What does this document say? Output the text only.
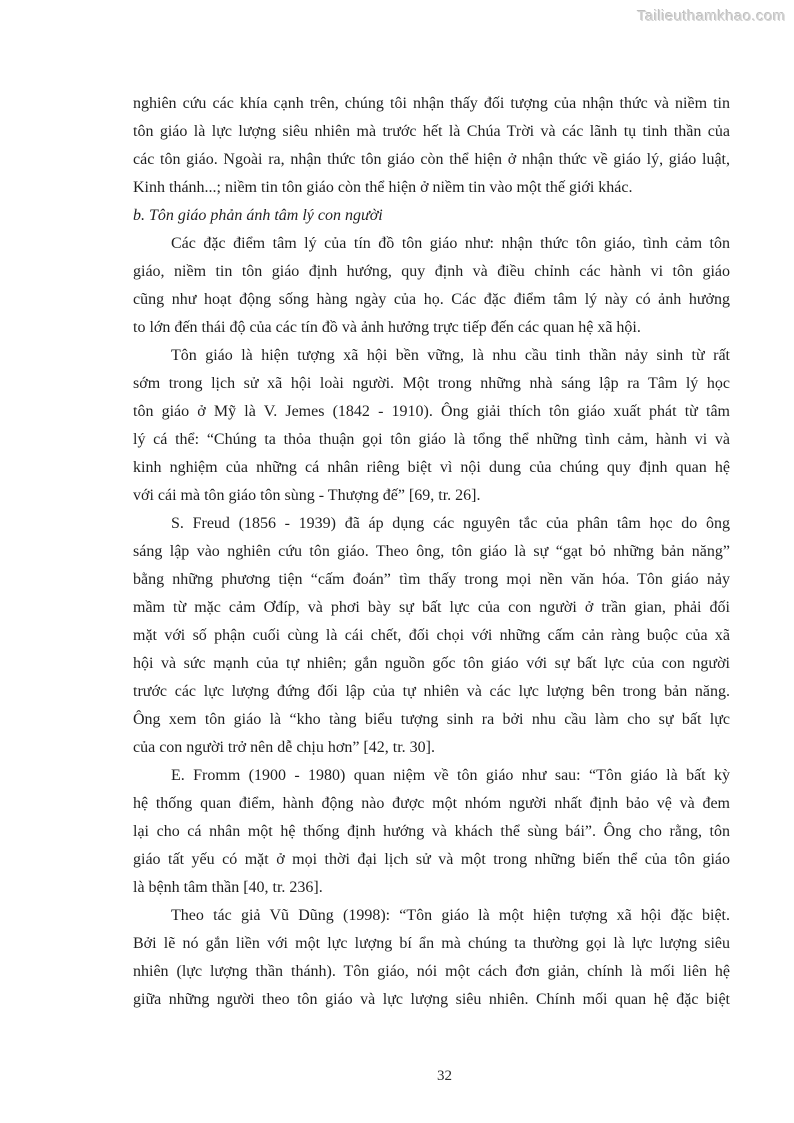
Tailieuthamkhao.com
nghiên cứu các khía cạnh trên, chúng tôi nhận thấy đối tượng của nhận thức và niềm tin
tôn giáo là lực lượng siêu nhiên mà trước hết là Chúa Trời và các lãnh tụ tinh thần của
các tôn giáo. Ngoài ra, nhận thức tôn giáo còn thể hiện ở nhận thức về giáo lý, giáo luật,
Kinh thánh...; niềm tin tôn giáo còn thể hiện ở niềm tin vào một thế giới khác.
b. Tôn giáo phản ánh tâm lý con người
Các đặc điểm tâm lý của tín đồ tôn giáo như: nhận thức tôn giáo, tình cảm tôn
giáo, niềm tin tôn giáo định hướng, quy định và điều chỉnh các hành vi tôn giáo
cũng như hoạt động sống hàng ngày của họ. Các đặc điểm tâm lý này có ảnh hưởng
to lớn đến thái độ của các tín đồ và ảnh hưởng trực tiếp đến các quan hệ xã hội.
Tôn giáo là hiện tượng xã hội bền vững, là nhu cầu tinh thần nảy sinh từ rất
sớm trong lịch sử xã hội loài người. Một trong những nhà sáng lập ra Tâm lý học
tôn giáo ở Mỹ là V. Jemes (1842 - 1910). Ông giải thích tôn giáo xuất phát từ tâm
lý cá thể: “Chúng ta thỏa thuận gọi tôn giáo là tổng thể những tình cảm, hành vi và
kinh nghiệm của những cá nhân riêng biệt vì nội dung của chúng quy định quan hệ
với cái mà tôn giáo tôn sùng - Thượng đế” [69, tr. 26].
S. Freud (1856 - 1939) đã áp dụng các nguyên tắc của phân tâm học do ông
sáng lập vào nghiên cứu tôn giáo. Theo ông, tôn giáo là sự “gạt bỏ những bản năng”
bằng những phương tiện “cấm đoán” tìm thấy trong mọi nền văn hóa. Tôn giáo nảy
mầm từ mặc cảm Ơđíp, và phơi bày sự bất lực của con người ở trần gian, phải đối
mặt với số phận cuối cùng là cái chết, đối chọi với những cấm cản ràng buộc của xã
hội và sức mạnh của tự nhiên; gắn nguồn gốc tôn giáo với sự bất lực của con người
trước các lực lượng đứng đối lập của tự nhiên và các lực lượng bên trong bản năng.
Ông xem tôn giáo là “kho tàng biểu tượng sinh ra bởi nhu cầu làm cho sự bất lực
của con người trở nên dễ chịu hơn” [42, tr. 30].
E. Fromm (1900 - 1980) quan niệm về tôn giáo như sau: “Tôn giáo là bất kỳ
hệ thống quan điểm, hành động nào được một nhóm người nhất định bảo vệ và đem
lại cho cá nhân một hệ thống định hướng và khách thể sùng bái”. Ông cho rằng, tôn
giáo tất yếu có mặt ở mọi thời đại lịch sử và một trong những biến thể của tôn giáo
là bệnh tâm thần [40, tr. 236].
Theo tác giả Vũ Dũng (1998): “Tôn giáo là một hiện tượng xã hội đặc biệt.
Bởi lẽ nó gắn liền với một lực lượng bí ẩn mà chúng ta thường gọi là lực lượng siêu
nhiên (lực lượng thần thánh). Tôn giáo, nói một cách đơn giản, chính là mối liên hệ
giữa những người theo tôn giáo và lực lượng siêu nhiên. Chính mối quan hệ đặc biệt
32
